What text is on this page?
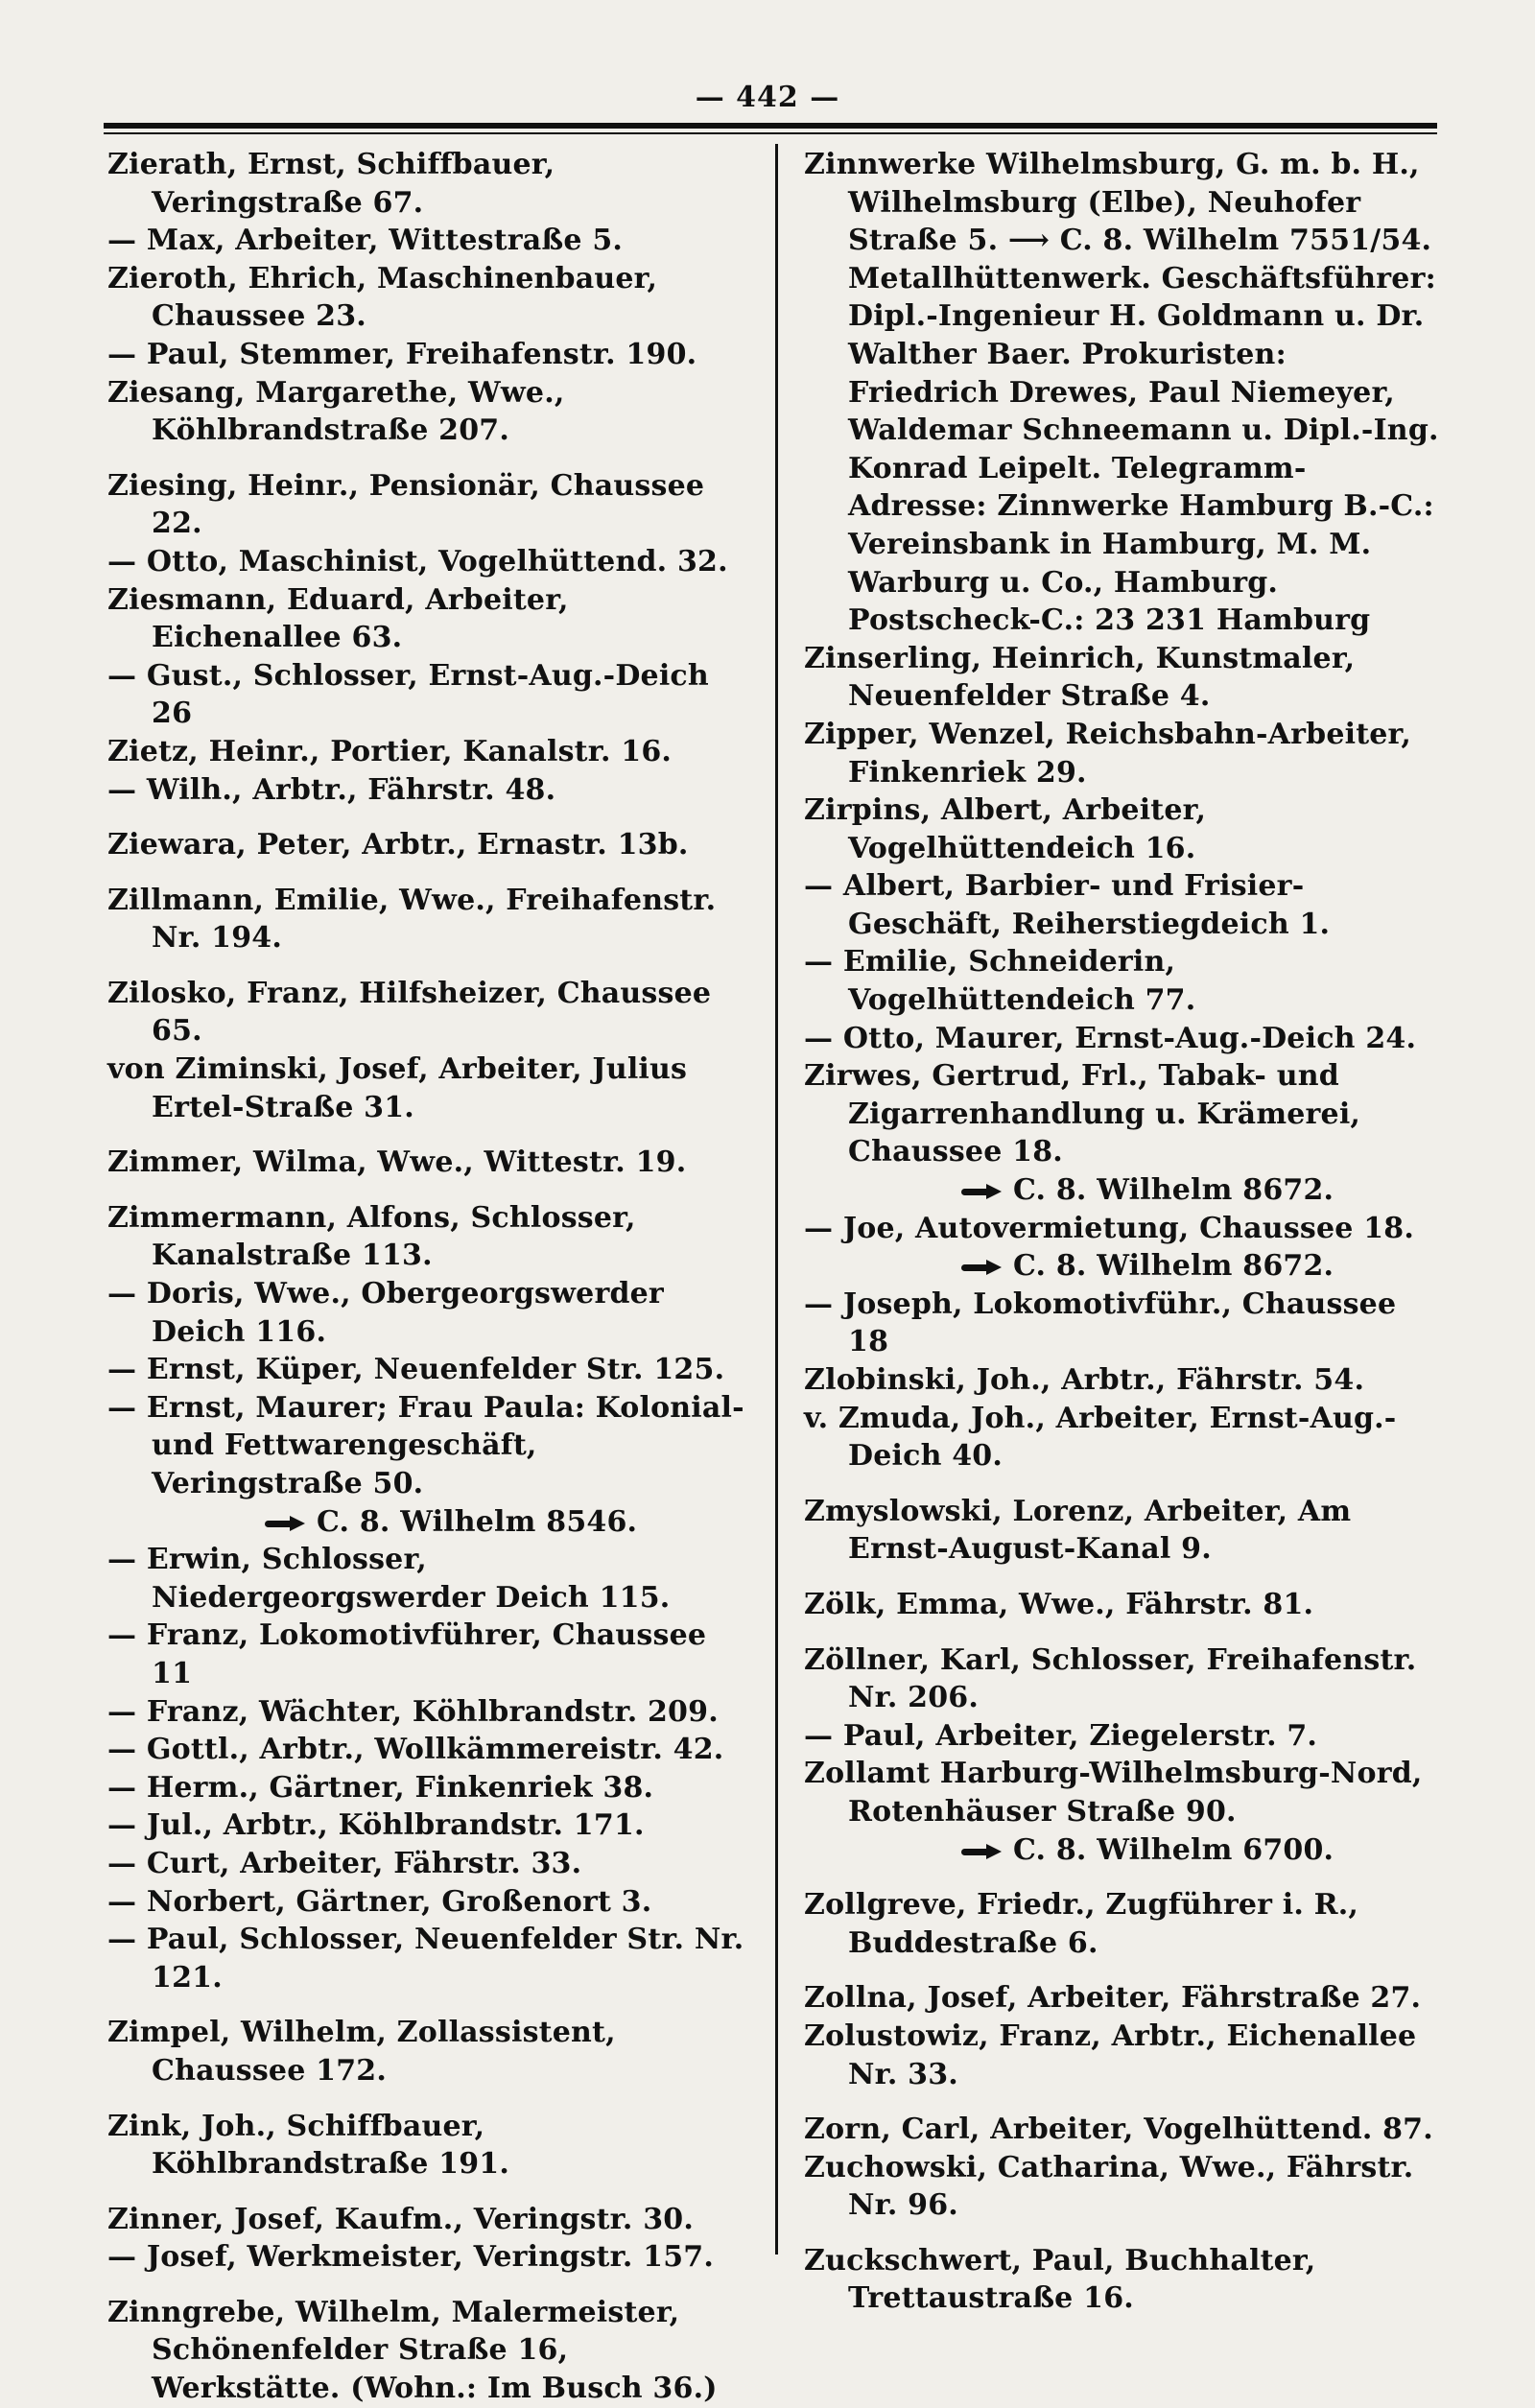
— 442 —
Zierath, Ernst, Schiffbauer, Veringstraße 67.
— Max, Arbeiter, Wittestraße 5.
Zieroth, Ehrich, Maschinenbauer, Chaussee 23.
— Paul, Stemmer, Freihafenstr. 190.
Ziesang, Margarethe, Wwe., Köhlbrandstraße 207.
Ziesing, Heinr., Pensionär, Chaussee 22.
— Otto, Maschinist, Vogelhüttend. 32.
Ziesmann, Eduard, Arbeiter, Eichenallee 63.
— Gust., Schlosser, Ernst-Aug.-Deich 26
Zietz, Heinr., Portier, Kanalstr. 16.
— Wilh., Arbtr., Fährstr. 48.
Ziewara, Peter, Arbtr., Ernastr. 13b.
Zillmann, Emilie, Wwe., Freihafenstr. Nr. 194.
Zilosko, Franz, Hilfsheizer, Chaussee 65.
von Ziminski, Josef, Arbeiter, Julius Ertel-Straße 31.
Zimmer, Wilma, Wwe., Wittestr. 19.
Zimmermann, Alfons, Schlosser, Kanalstraße 113.
— Doris, Wwe., Obergeorgswerder Deich 116.
— Ernst, Küper, Neuenfelder Str. 125.
— Ernst, Maurer; Frau Paula: Kolonial- und Fettwarengeschäft, Veringstraße 50.
C. 8. Wilhelm 8546.
— Erwin, Schlosser, Niedergeorgswerder Deich 115.
— Franz, Lokomotivführer, Chaussee 11
— Franz, Wächter, Köhlbrandstr. 209.
— Gottl., Arbtr., Wollkämmereistr. 42.
— Herm., Gärtner, Finkenriek 38.
— Jul., Arbtr., Köhlbrandstr. 171.
— Curt, Arbeiter, Fährstr. 33.
— Norbert, Gärtner, Großenort 3.
— Paul, Schlosser, Neuenfelder Str. Nr. 121.
Zimpel, Wilhelm, Zollassistent, Chaussee 172.
Zink, Joh., Schiffbauer, Köhlbrandstraße 191.
Zinner, Josef, Kaufm., Veringstr. 30.
— Josef, Werkmeister, Veringstr. 157.
Zinngrebe, Wilhelm, Malermeister, Schönenfelder Straße 16, Werkstätte. (Wohn.: Im Busch 36.)
Zinnwerke Wilhelmsburg, G. m. b. H., Wilhelmsburg (Elbe), Neuhofer Straße 5. ⟶ C. 8. Wilhelm 7551/54. Metallhüttenwerk. Geschäftsführer: Dipl.-Ingenieur H. Goldmann u. Dr. Walther Baer. Prokuristen: Friedrich Drewes, Paul Niemeyer, Waldemar Schneemann u. Dipl.-Ing. Konrad Leipelt. Telegramm-Adresse: Zinnwerke Hamburg B.-C.: Vereinsbank in Hamburg, M. M. Warburg u. Co., Hamburg. Postscheck-C.: 23 231 Hamburg
Zinserling, Heinrich, Kunstmaler, Neuenfelder Straße 4.
Zipper, Wenzel, Reichsbahn-Arbeiter, Finkenriek 29.
Zirpins, Albert, Arbeiter, Vogelhüttendeich 16.
— Albert, Barbier- und Frisier-Geschäft, Reiherstiegdeich 1.
— Emilie, Schneiderin, Vogelhüttendeich 77.
— Otto, Maurer, Ernst-Aug.-Deich 24.
Zirwes, Gertrud, Frl., Tabak- und Zigarrenhandlung u. Krämerei, Chaussee 18.
C. 8. Wilhelm 8672.
— Joe, Autovermietung, Chaussee 18.
C. 8. Wilhelm 8672.
— Joseph, Lokomotivführ., Chaussee 18
Zlobinski, Joh., Arbtr., Fährstr. 54.
v. Zmuda, Joh., Arbeiter, Ernst-Aug.-Deich 40.
Zmyslowski, Lorenz, Arbeiter, Am Ernst-August-Kanal 9.
Zölk, Emma, Wwe., Fährstr. 81.
Zöllner, Karl, Schlosser, Freihafenstr. Nr. 206.
— Paul, Arbeiter, Ziegelerstr. 7.
Zollamt Harburg-Wilhelmsburg-Nord, Rotenhäuser Straße 90.
C. 8. Wilhelm 6700.
Zollgreve, Friedr., Zugführer i. R., Buddestraße 6.
Zollna, Josef, Arbeiter, Fährstraße 27.
Zolustowiz, Franz, Arbtr., Eichenallee Nr. 33.
Zorn, Carl, Arbeiter, Vogelhüttend. 87.
Zuchowski, Catharina, Wwe., Fährstr. Nr. 96.
Zuckschwert, Paul, Buchhalter, Trettaustraße 16.
